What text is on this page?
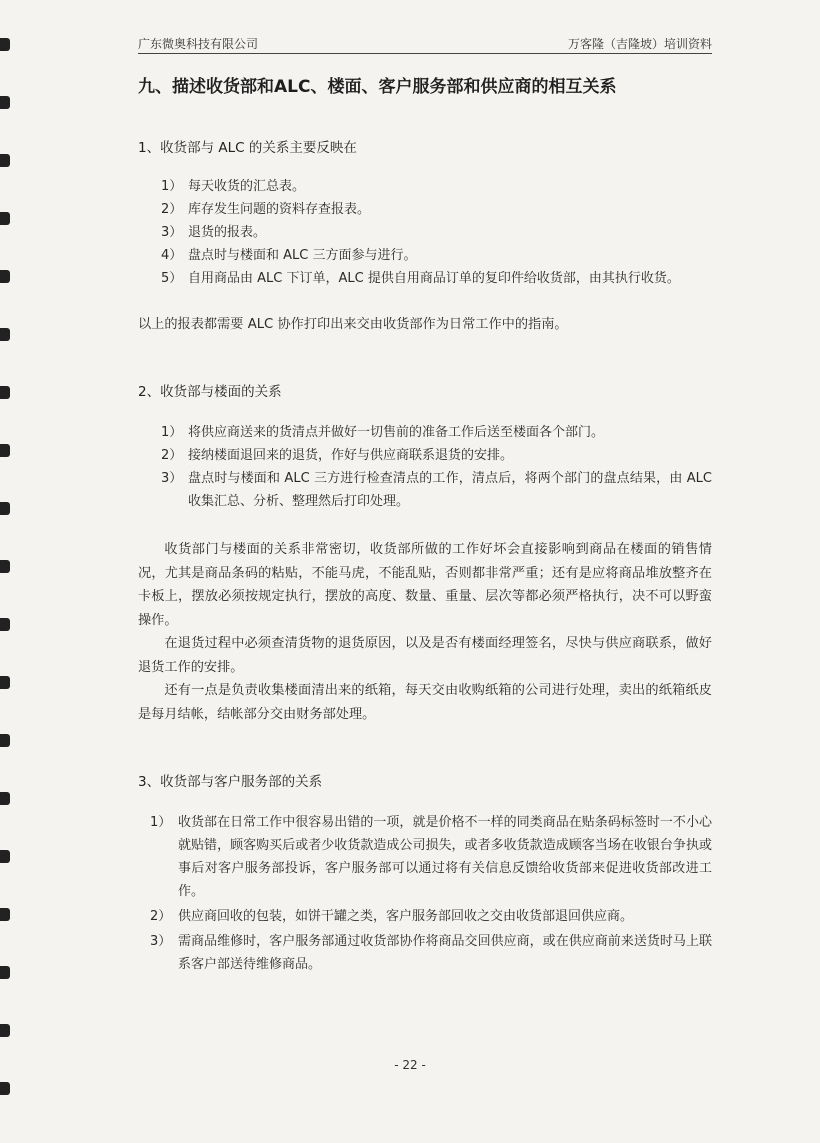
广东微奥科技有限公司	万客隆（吉隆坡）培训资料
九、描述收货部和ALC、楼面、客户服务部和供应商的相互关系
1、收货部与 ALC 的关系主要反映在
1） 每天收货的汇总表。
2） 库存发生问题的资料存查报表。
3） 退货的报表。
4） 盘点时与楼面和 ALC 三方面参与进行。
5） 自用商品由 ALC 下订单，ALC 提供自用商品订单的复印件给收货部，由其执行收货。
以上的报表都需要 ALC 协作打印出来交由收货部作为日常工作中的指南。
2、收货部与楼面的关系
1） 将供应商送来的货清点并做好一切售前的准备工作后送至楼面各个部门。
2） 接纳楼面退回来的退货，作好与供应商联系退货的安排。
3） 盘点时与楼面和 ALC 三方进行检查清点的工作，清点后，将两个部门的盘点结果，由 ALC 收集汇总、分析、整理然后打印处理。
收货部门与楼面的关系非常密切，收货部所做的工作好坏会直接影响到商品在楼面的销售情况，尤其是商品条码的粘贴，不能马虎，不能乱贴，否则都非常严重；还有是应将商品堆放整齐在卡板上，摆放必须按规定执行，摆放的高度、数量、重量、层次等都必须严格执行，决不可以野蛮操作。
在退货过程中必须查清货物的退货原因，以及是否有楼面经理签名，尽快与供应商联系，做好退货工作的安排。
还有一点是负责收集楼面清出来的纸箱，每天交由收购纸箱的公司进行处理，卖出的纸箱纸皮是每月结帐，结帐部分交由财务部处理。
3、收货部与客户服务部的关系
1） 收货部在日常工作中很容易出错的一项，就是价格不一样的同类商品在贴条码标签时一不小心就贴错，顾客购买后或者少收货款造成公司损失，或者多收货款造成顾客当场在收银台争执或事后对客户服务部投诉，客户服务部可以通过将有关信息反馈给收货部来促进收货部改进工作。
2） 供应商回收的包装，如饼干罐之类，客户服务部回收之交由收货部退回供应商。
3） 需商品维修时，客户服务部通过收货部协作将商品交回供应商，或在供应商前来送货时马上联系客户部送待维修商品。
- 22 -
